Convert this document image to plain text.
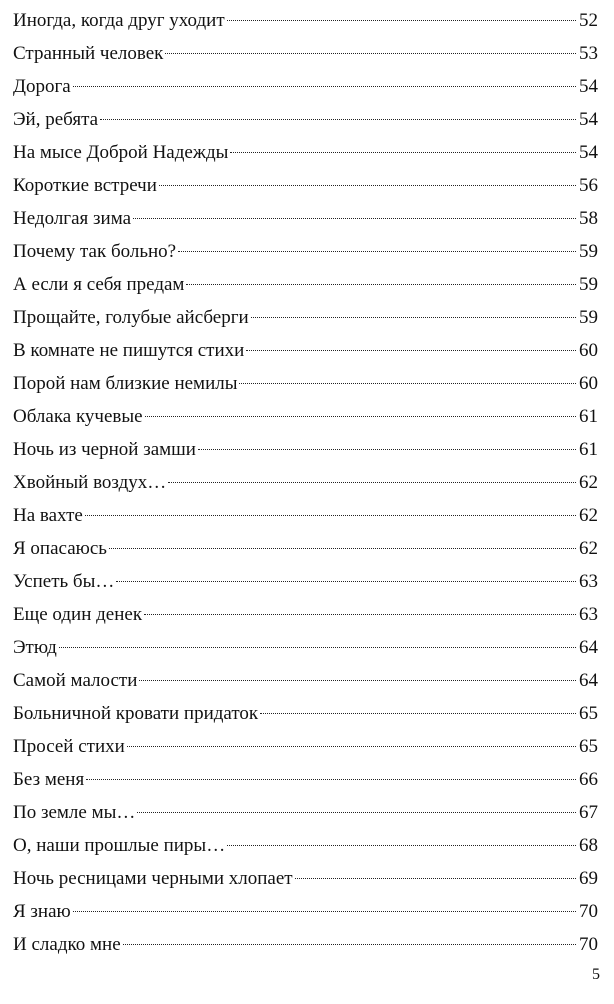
Иногда, когда друг уходит	52
Странный человек	53
Дорога	54
Эй, ребята	54
На мысе Доброй Надежды	54
Короткие встречи	56
Недолгая зима	58
Почему так больно?	59
А если я себя предам	59
Прощайте, голубые айсберги	59
В комнате не пишутся стихи	60
Порой нам близкие немилы	60
Облака кучевые	61
Ночь из черной замши	61
Хвойный воздух…	62
На вахте	62
Я опасаюсь	62
Успеть бы…	63
Еще один денек	63
Этюд	64
Самой малости	64
Больничной кровати придаток	65
Просей стихи	65
Без меня	66
По земле мы…	67
О, наши прошлые пиры…	68
Ночь ресницами черными хлопает	69
Я знаю	70
И сладко мне	70
5
